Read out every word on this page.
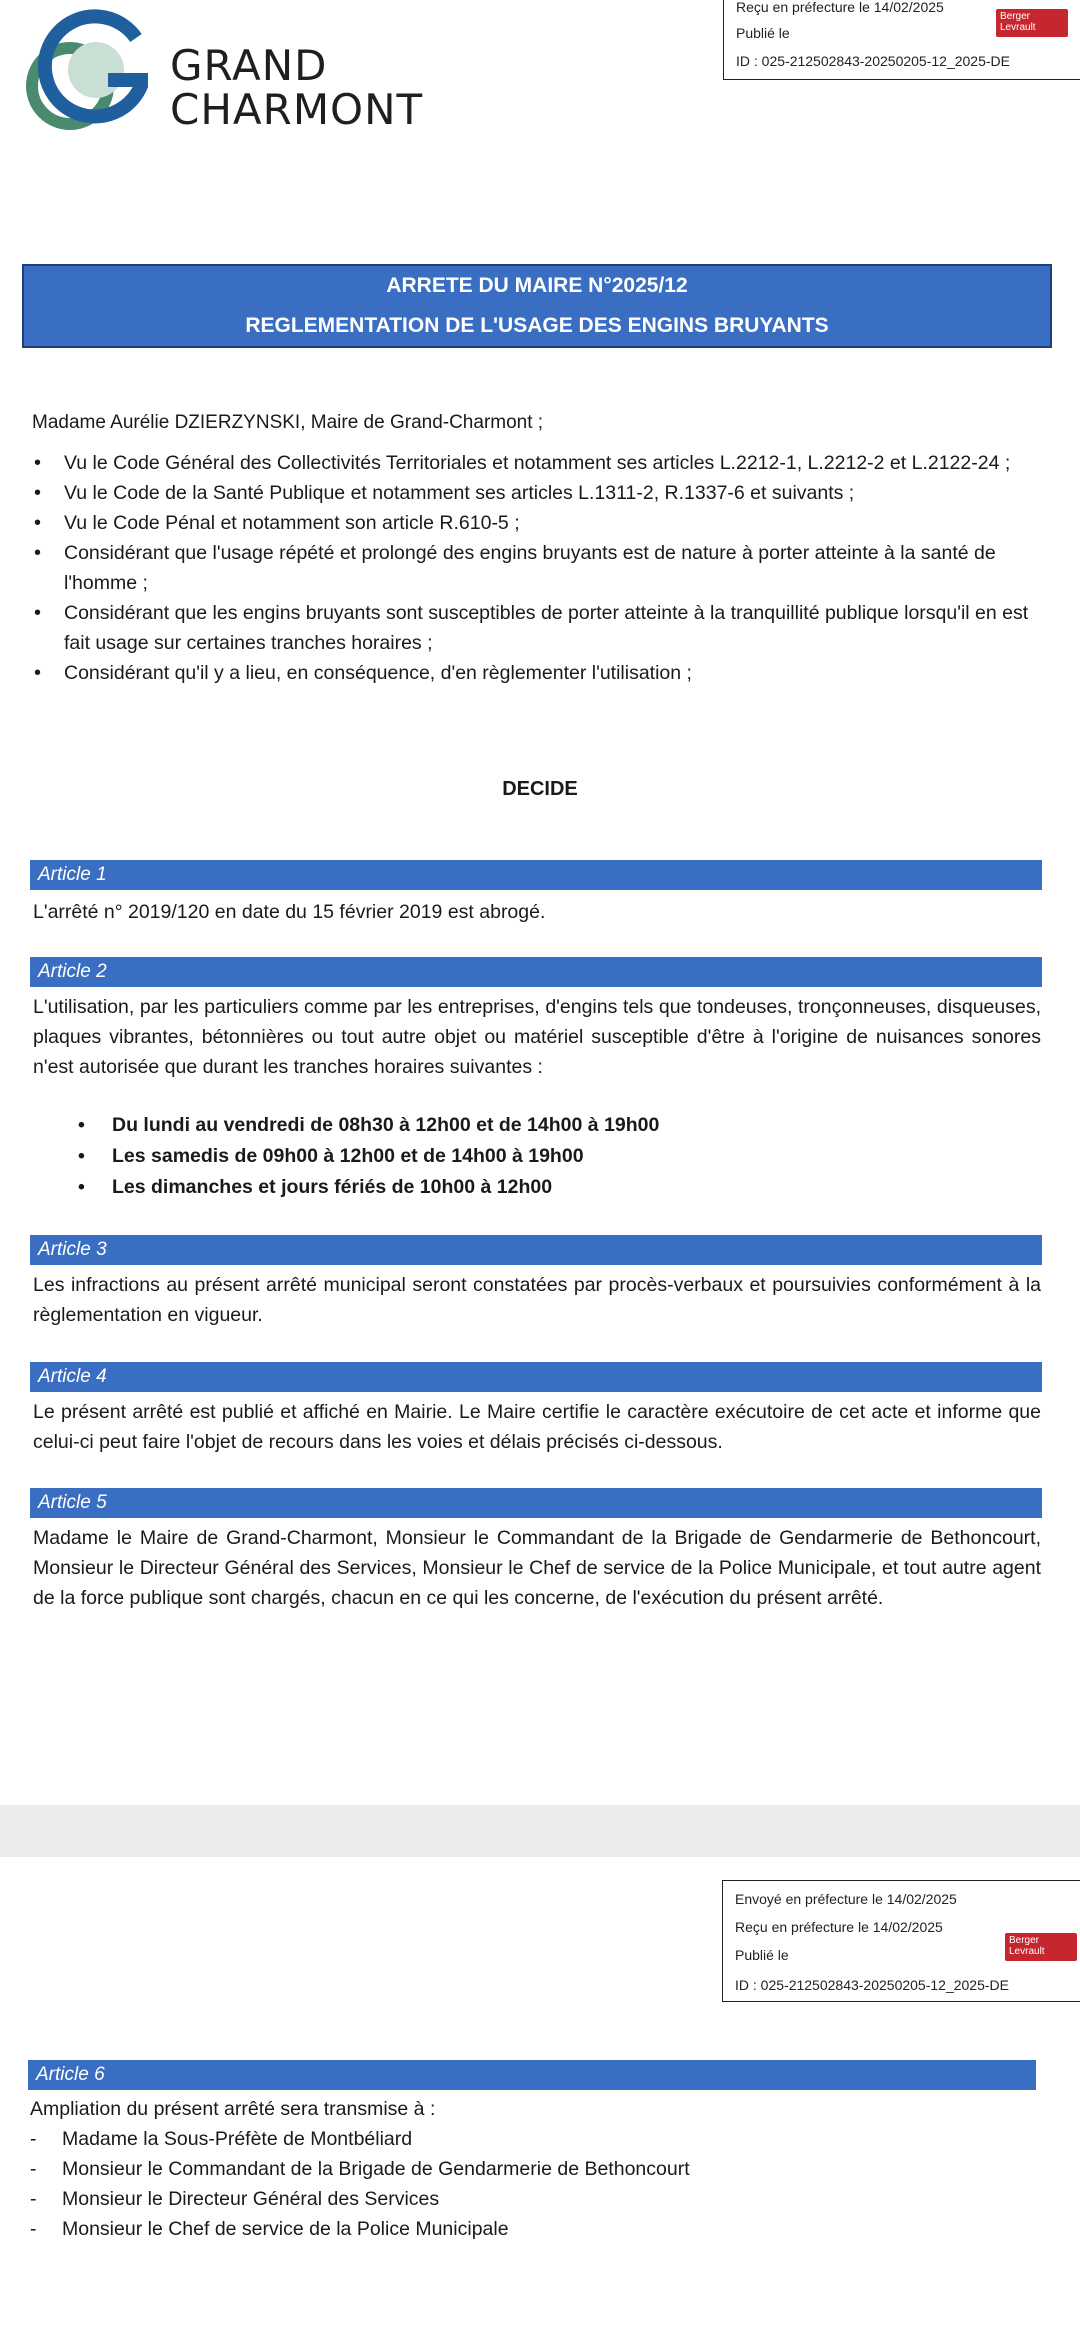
GRAND
CHARMONT
Reçu en préfecture le 14/02/2025
Publié le
ID : 025-212502843-20250205-12_2025-DE
Berger Levrault
ARRETE DU MAIRE N°2025/12
REGLEMENTATION DE L'USAGE DES ENGINS BRUYANTS
Madame Aurélie DZIERZYNSKI, Maire de Grand-Charmont ;
• Vu le Code Général des Collectivités Territoriales et notamment ses articles L.2212-1, L.2212-2 et L.2122-24 ;
• Vu le Code de la Santé Publique et notamment ses articles L.1311-2, R.1337-6 et suivants ;
• Vu le Code Pénal et notamment son article R.610-5 ;
• Considérant que l'usage répété et prolongé des engins bruyants est de nature à porter atteinte à la santé de l'homme ;
• Considérant que les engins bruyants sont susceptibles de porter atteinte à la tranquillité publique lorsqu'il en est fait usage sur certaines tranches horaires ;
• Considérant qu'il y a lieu, en conséquence, d'en règlementer l'utilisation ;
DECIDE
Article 1
L'arrêté n° 2019/120 en date du 15 février 2019 est abrogé.
Article 2
L'utilisation, par les particuliers comme par les entreprises, d'engins tels que tondeuses, tronçonneuses, disqueuses, plaques vibrantes, bétonnières ou tout autre objet ou matériel susceptible d'être à l'origine de nuisances sonores n'est autorisée que durant les tranches horaires suivantes :
• Du lundi au vendredi de 08h30 à 12h00 et de 14h00 à 19h00
• Les samedis de 09h00 à 12h00 et de 14h00 à 19h00
• Les dimanches et jours fériés de 10h00 à 12h00
Article 3
Les infractions au présent arrêté municipal seront constatées par procès-verbaux et poursuivies conformément à la règlementation en vigueur.
Article 4
Le présent arrêté est publié et affiché en Mairie. Le Maire certifie le caractère exécutoire de cet acte et informe que celui-ci peut faire l'objet de recours dans les voies et délais précisés ci-dessous.
Article 5
Madame le Maire de Grand-Charmont, Monsieur le Commandant de la Brigade de Gendarmerie de Bethoncourt, Monsieur le Directeur Général des Services, Monsieur le Chef de service de la Police Municipale, et tout autre agent de la force publique sont chargés, chacun en ce qui les concerne, de l'exécution du présent arrêté.
Envoyé en préfecture le 14/02/2025
Reçu en préfecture le 14/02/2025
Publié le
ID : 025-212502843-20250205-12_2025-DE
Berger Levrault
Article 6
Ampliation du présent arrêté sera transmise à :
- Madame la Sous-Préfète de Montbéliard
- Monsieur le Commandant de la Brigade de Gendarmerie de Bethoncourt
- Monsieur le Directeur Général des Services
- Monsieur le Chef de service de la Police Municipale
